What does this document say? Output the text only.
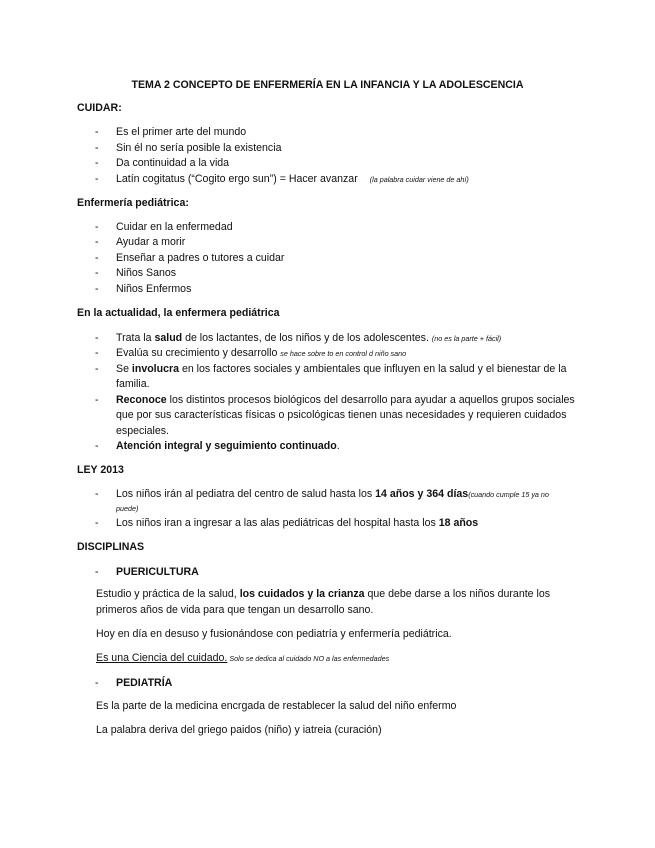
TEMA 2 CONCEPTO DE ENFERMERÍA EN LA INFANCIA Y LA ADOLESCENCIA
CUIDAR:
- Es el primer arte del mundo
- Sin él no sería posible la existencia
- Da continuidad a la vida
- Latín cogitatus (“Cogito ergo sun”) = Hacer avanzar (la palabra cuidar viene de ahí)
Enfermería pediátrica:
- Cuidar en la enfermedad
- Ayudar a morir
- Enseñar a padres o tutores a cuidar
- Niños Sanos
- Niños Enfermos
En la actualidad, la enfermera pediátrica
- Trata la salud de los lactantes, de los niños y de los adolescentes. (no es la parte + fácil)
- Evalúa su crecimiento y desarrollo se hace sobre to en control d niño sano
- Se involucra en los factores sociales y ambientales que influyen en la salud y el bienestar de la
familia.
- Reconoce los distintos procesos biológicos del desarrollo para ayudar a aquellos grupos sociales
que por sus características físicas o psicológicas tienen unas necesidades y requieren cuidados
especiales.
- Atención integral y seguimiento continuado.
LEY 2013
- Los niños irán al pediatra del centro de salud hasta los 14 años y 364 días(cuando cumple 15 ya no
puede)
- Los niños iran a ingresar a las alas pediátricas del hospital hasta los 18 años
DISCIPLINAS
- PUERICULTURA
Estudio y práctica de la salud, los cuidados y la crianza que debe darse a los niños durante los
primeros años de vida para que tengan un desarrollo sano.
Hoy en día en desuso y fusionándose con pediatría y enfermería pediátrica.
Es una Ciencia del cuidado. Solo se dedica al cuidado NO a las enfermedades
- PEDIATRÍA
Es la parte de la medicina encrgada de restablecer la salud del niño enfermo
La palabra deriva del griego paidos (niño) y iatreia (curación)
